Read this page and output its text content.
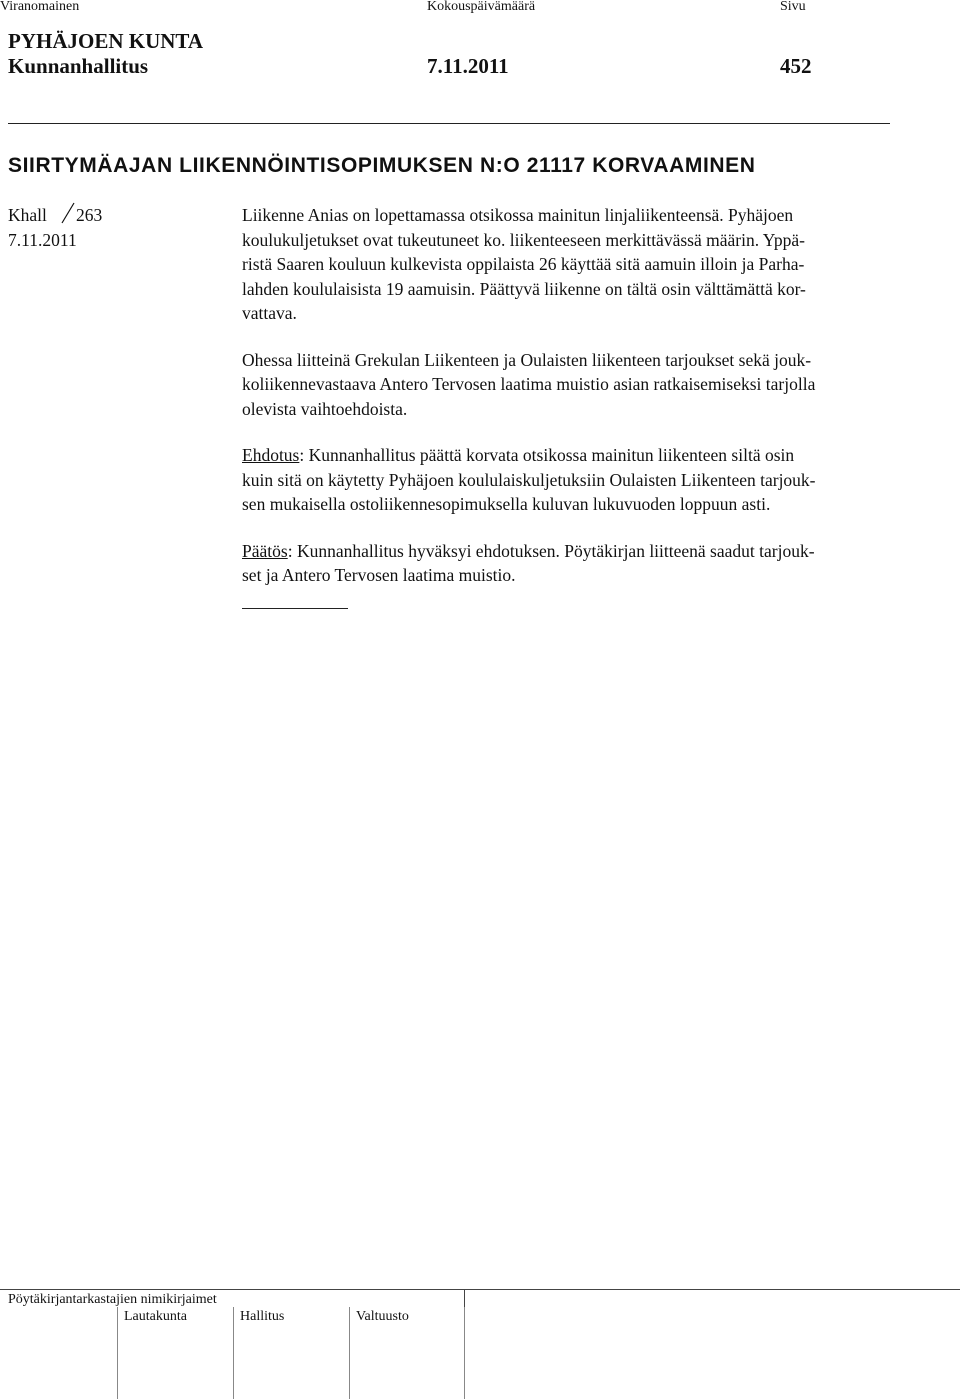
Viranomainen	Kokouspäivämäärä	Sivu
PYHÄJOEN KUNTA
Kunnanhallitus	7.11.2011	452
SIIRTYMÄAJAN LIIKENNÖINTISOPIMUKSEN N:O 21117 KORVAAMINEN
Khall 263
7.11.2011
Liikenne Anias on lopettamassa otsikossa mainitun linjaliikenteensä. Pyhäjoen
koulukuljetukset ovat tukeutuneet ko. liikenteeseen merkittävässä määrin. Yppä-
ristä Saaren kouluun kulkevista oppilaista 26 käyttää sitä aamuin illoin ja Parha-
lahden koululaisista 19 aamuisin. Päättyvä liikenne on tältä osin välttämättä kor-
vattava.
Ohessa liitteinä Grekulan Liikenteen ja Oulaisten liikenteen tarjoukset sekä jouk-
koliikennevastaava Antero Tervosen laatima muistio asian ratkaisemiseksi tarjolla
olevista vaihtoehdoista.
Ehdotus: Kunnanhallitus päättä korvata otsikossa mainitun liikenteen siltä osin
kuin sitä on käytetty Pyhäjoen koululaiskuljetuksiin Oulaisten Liikenteen tarjouk-
sen mukaisella ostoliikennesopimuksella kuluvan lukuvuoden loppuun asti.
Päätös: Kunnanhallitus hyväksyi ehdotuksen. Pöytäkirjan liitteenä saadut tarjouk-
set ja Antero Tervosen laatima muistio.
Pöytäkirjantarkastajien nimikirjaimet
Lautakunta	Hallitus	Valtuusto
